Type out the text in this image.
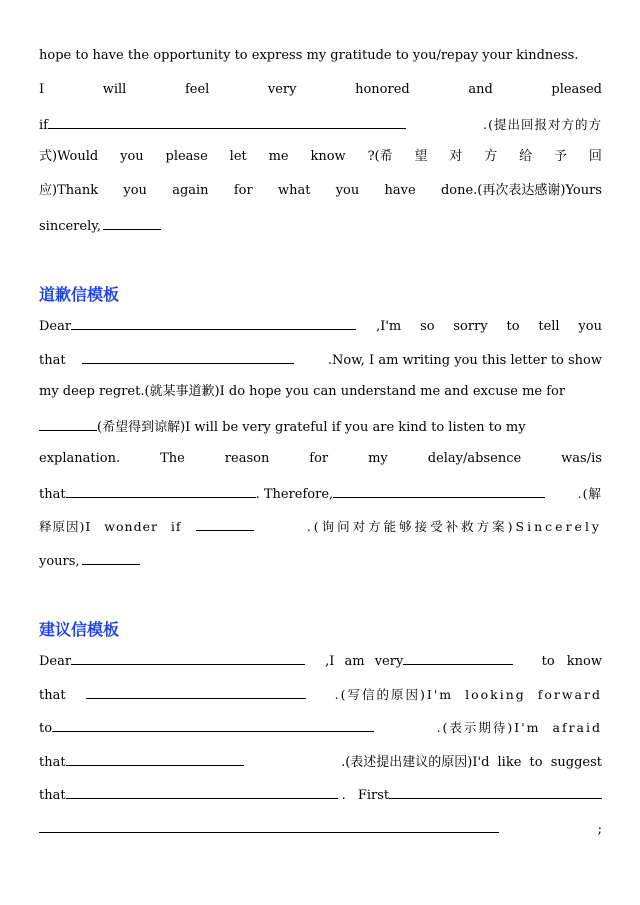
hope to have the opportunity to express my gratitude to you/repay your kindness.
I	will	feel	very	honored	and	pleased
if	.(提出回报对方的方
式)Would you please let me know ?(希 望 对 方 给 予 回
应)Thank you again for what you have done.(再次表达感谢)Yours
sincerely,
道歉信模板
Dear	,I'm so sorry to tell you
that	.Now, I am writing you this letter to show
my deep regret.(就某事道歉)I do hope you can understand me and excuse me for
(希望得到谅解)I will be very grateful if you are kind to listen to my
explanation.	The	reason	for	my	delay/absence	was/is
that	. Therefore,	.(解
释原因)I wonder if	.(询问对方能够接受补救方案)Sincerely
yours,
建议信模板
Dear	,I am very	to know
that	.(写信的原因)I'm looking forward
to	.(表示期待)I'm afraid
that	.(表述提出建议的原因)I'd like to suggest
that	. First
;
